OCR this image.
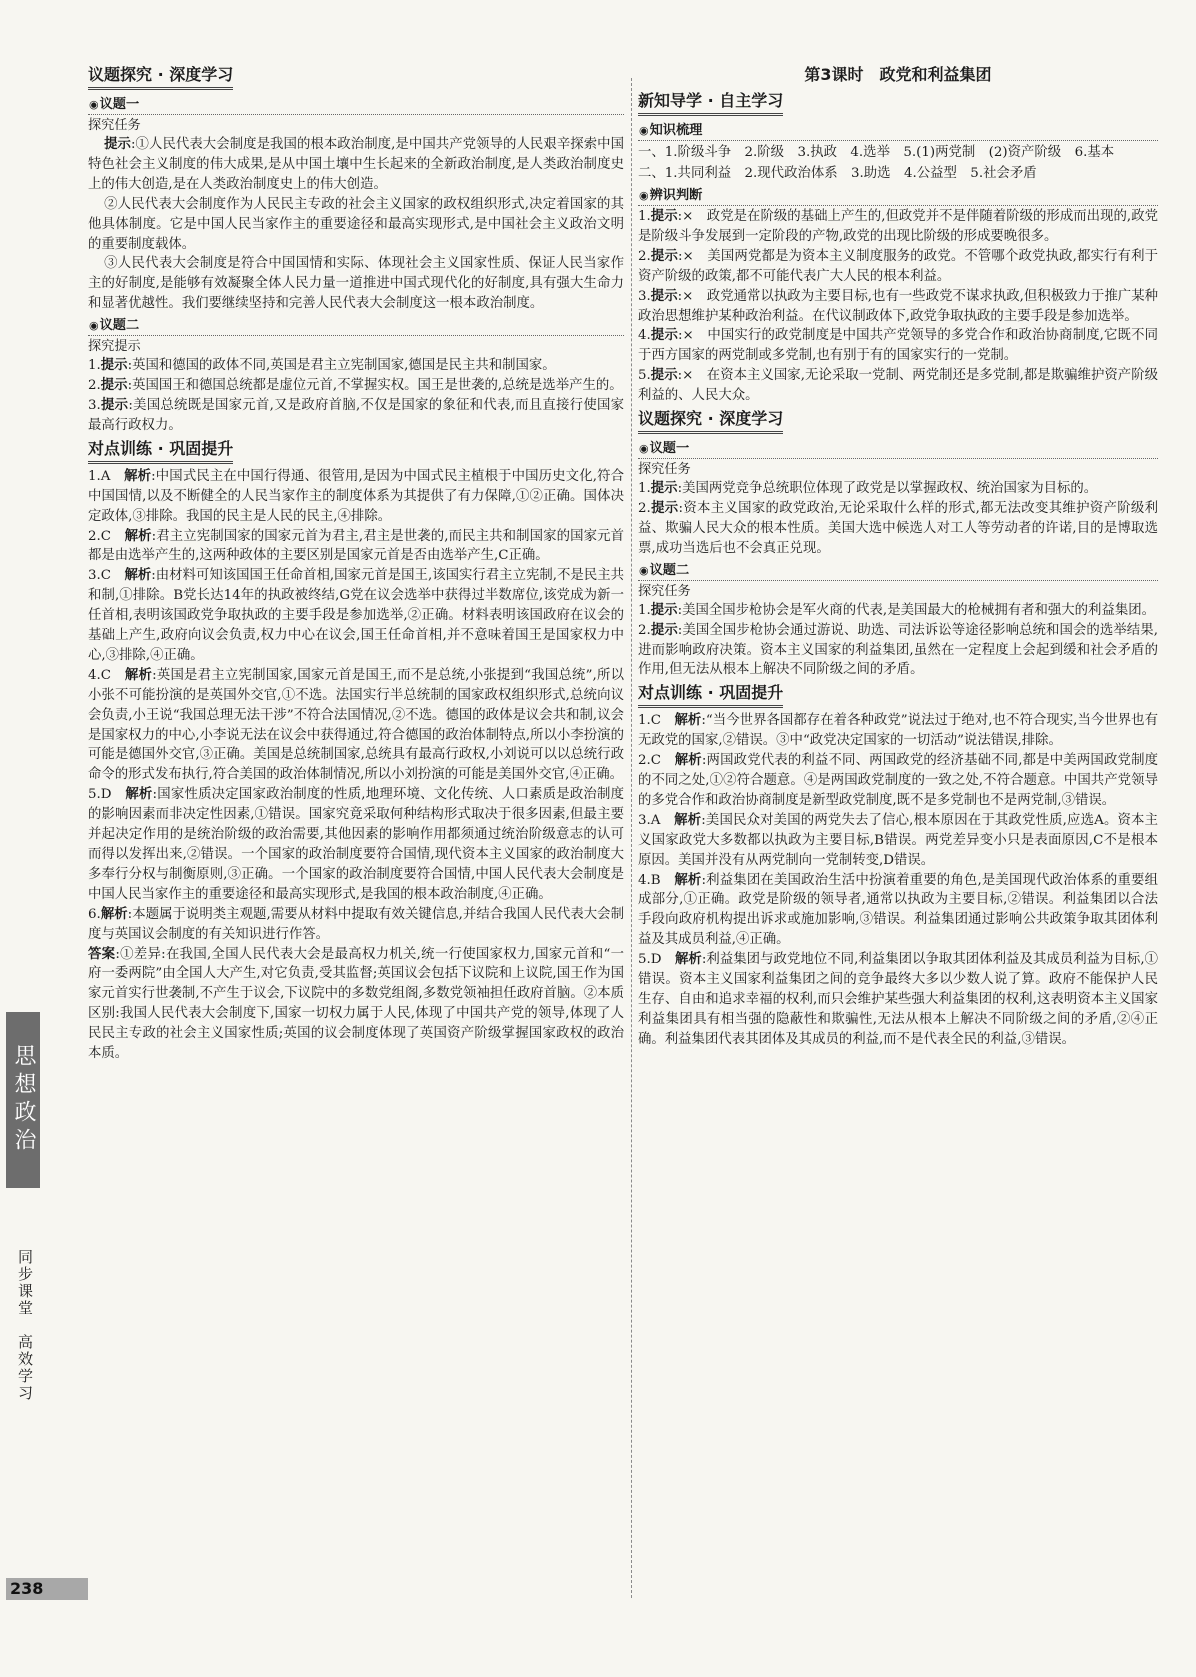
议题探究 · 深度学习
◉议题一
探究任务

提示:①人民代表大会制度是我国的根本政治制度,是中国共产党领导的人民艰辛探索中国特色社会主义制度的伟大成果,是从中国土壤中生长起来的全新政治制度,是人类政治制度史上的伟大创造,是在人类政治制度史上的伟大创造。

②人民代表大会制度作为人民民主专政的社会主义国家的政权组织形式,决定着国家的其他具体制度。它是中国人民当家作主的重要途径和最高实现形式,是中国社会主义政治文明的重要制度载体。

③人民代表大会制度是符合中国国情和实际、体现社会主义国家性质、保证人民当家作主的好制度,是能够有效凝聚全体人民力量一道推进中国式现代化的好制度,具有强大生命力和显著优越性。我们要继续坚持和完善人民代表大会制度这一根本政治制度。

◉议题二
探究提示

1.提示:英国和德国的政体不同,英国是君主立宪制国家,德国是民主共和制国家。

2.提示:英国国王和德国总统都是虚位元首,不掌握实权。国王是世袭的,总统是选举产生的。

3.提示:美国总统既是国家元首,又是政府首脑,不仅是国家的象征和代表,而且直接行使国家最高行政权力。

对点训练 · 巩固提升

1.A　解析:中国式民主在中国行得通、很管用,是因为中国式民主植根于中国历史文化,符合中国国情,以及不断健全的人民当家作主的制度体系为其提供了有力保障,①②正确。国体决定政体,③排除。我国的民主是人民的民主,④排除。

2.C　解析:君主立宪制国家的国家元首为君主,君主是世袭的,而民主共和制国家的国家元首都是由选举产生的,这两种政体的主要区别是国家元首是否由选举产生,C正确。

3.C　解析:由材料可知该国国王任命首相,国家元首是国王,该国实行君主立宪制,不是民主共和制,①排除。B党长达14年的执政被终结,G党在议会选举中获得过半数席位,该党成为新一任首相,表明该国政党争取执政的主要手段是参加选举,②正确。材料表明该国政府在议会的基础上产生,政府向议会负责,权力中心在议会,国王任命首相,并不意味着国王是国家权力中心,③排除,④正确。

4.C　解析:英国是君主立宪制国家,国家元首是国王,而不是总统,小张提到“我国总统”,所以小张不可能扮演的是英国外交官,①不选。法国实行半总统制的国家政权组织形式,总统向议会负责,小王说“我国总理无法干涉”不符合法国情况,②不选。德国的政体是议会共和制,议会是国家权力的中心,小李说无法在议会中获得通过,符合德国的政治体制特点,所以小李扮演的可能是德国外交官,③正确。美国是总统制国家,总统具有最高行政权,小刘说可以以总统行政命令的形式发布执行,符合美国的政治体制情况,所以小刘扮演的可能是美国外交官,④正确。

5.D　解析:国家性质决定国家政治制度的性质,地理环境、文化传统、人口素质是政治制度的影响因素而非决定性因素,①错误。国家究竟采取何种结构形式取决于很多因素,但最主要并起决定作用的是统治阶级的政治需要,其他因素的影响作用都须通过统治阶级意志的认可而得以发挥出来,②错误。一个国家的政治制度要符合国情,现代资本主义国家的政治制度大多奉行分权与制衡原则,③正确。一个国家的政治制度要符合国情,中国人民代表大会制度是中国人民当家作主的重要途径和最高实现形式,是我国的根本政治制度,④正确。

6.解析:本题属于说明类主观题,需要从材料中提取有效关键信息,并结合我国人民代表大会制度与英国议会制度的有关知识进行作答。

答案:①差异:在我国,全国人民代表大会是最高权力机关,统一行使国家权力,国家元首和“一府一委两院”由全国人大产生,对它负责,受其监督;英国议会包括下议院和上议院,国王作为国家元首实行世袭制,不产生于议会,下议院中的多数党组阁,多数党领袖担任政府首脑。②本质区别:我国人民代表大会制度下,国家一切权力属于人民,体现了中国共产党的领导,体现了人民民主专政的社会主义国家性质;英国的议会制度体现了英国资产阶级掌握国家政权的政治本质。

第3课时　政党和利益集团
新知导学 · 自主学习
◉知识梳理

一、1.阶级斗争　2.阶级　3.执政　4.选举　5.(1)两党制　(2)资产阶级　6.基本

二、1.共同利益　2.现代政治体系　3.助选　4.公益型　5.社会矛盾

◉辨识判断

1.提示:×　政党是在阶级的基础上产生的,但政党并不是伴随着阶级的形成而出现的,政党是阶级斗争发展到一定阶段的产物,政党的出现比阶级的形成要晚很多。

2.提示:×　美国两党都是为资本主义制度服务的政党。不管哪个政党执政,都实行有利于资产阶级的政策,都不可能代表广大人民的根本利益。

3.提示:×　政党通常以执政为主要目标,也有一些政党不谋求执政,但积极致力于推广某种政治思想维护某种政治利益。在代议制政体下,政党争取执政的主要手段是参加选举。

4.提示:×　中国实行的政党制度是中国共产党领导的多党合作和政治协商制度,它既不同于西方国家的两党制或多党制,也有别于有的国家实行的一党制。

5.提示:×　在资本主义国家,无论采取一党制、两党制还是多党制,都是欺骗维护资产阶级利益的、人民大众。

议题探究 · 深度学习
◉议题一
探究任务

1.提示:美国两党竞争总统职位体现了政党是以掌握政权、统治国家为目标的。

2.提示:资本主义国家的政党政治,无论采取什么样的形式,都无法改变其维护资产阶级利益、欺骗人民大众的根本性质。美国大选中候选人对工人等劳动者的许诺,目的是博取选票,成功当选后也不会真正兑现。

◉议题二
探究任务

1.提示:美国全国步枪协会是军火商的代表,是美国最大的枪械拥有者和强大的利益集团。

2.提示:美国全国步枪协会通过游说、助选、司法诉讼等途径影响总统和国会的选举结果,进而影响政府决策。资本主义国家的利益集团,虽然在一定程度上会起到缓和社会矛盾的作用,但无法从根本上解决不同阶级之间的矛盾。

对点训练 · 巩固提升

1.C　解析:“当今世界各国都存在着各种政党”说法过于绝对,也不符合现实,当今世界也有无政党的国家,②错误。③中“政党决定国家的一切活动”说法错误,排除。

2.C　解析:两国政党代表的利益不同、两国政党的经济基础不同,都是中美两国政党制度的不同之处,①②符合题意。④是两国政党制度的一致之处,不符合题意。中国共产党领导的多党合作和政治协商制度是新型政党制度,既不是多党制也不是两党制,③错误。

3.A　解析:美国民众对美国的两党失去了信心,根本原因在于其政党性质,应选A。资本主义国家政党大多数都以执政为主要目标,B错误。两党差异变小只是表面原因,C不是根本原因。美国并没有从两党制向一党制转变,D错误。

4.B　解析:利益集团在美国政治生活中扮演着重要的角色,是美国现代政治体系的重要组成部分,①正确。政党是阶级的领导者,通常以执政为主要目标,②错误。利益集团以合法手段向政府机构提出诉求或施加影响,③错误。利益集团通过影响公共政策争取其团体利益及其成员利益,④正确。

5.D　解析:利益集团与政党地位不同,利益集团以争取其团体利益及其成员利益为目标,①错误。资本主义国家利益集团之间的竞争最终大多以少数人说了算。政府不能保护人民生存、自由和追求幸福的权利,而只会维护某些强大利益集团的权利,这表明资本主义国家利益集团具有相当强的隐蔽性和欺骗性,无法从根本上解决不同阶级之间的矛盾,②④正确。利益集团代表其团体及其成员的利益,而不是代表全民的利益,③错误。

思想政治
同步课堂　高效学习
238
